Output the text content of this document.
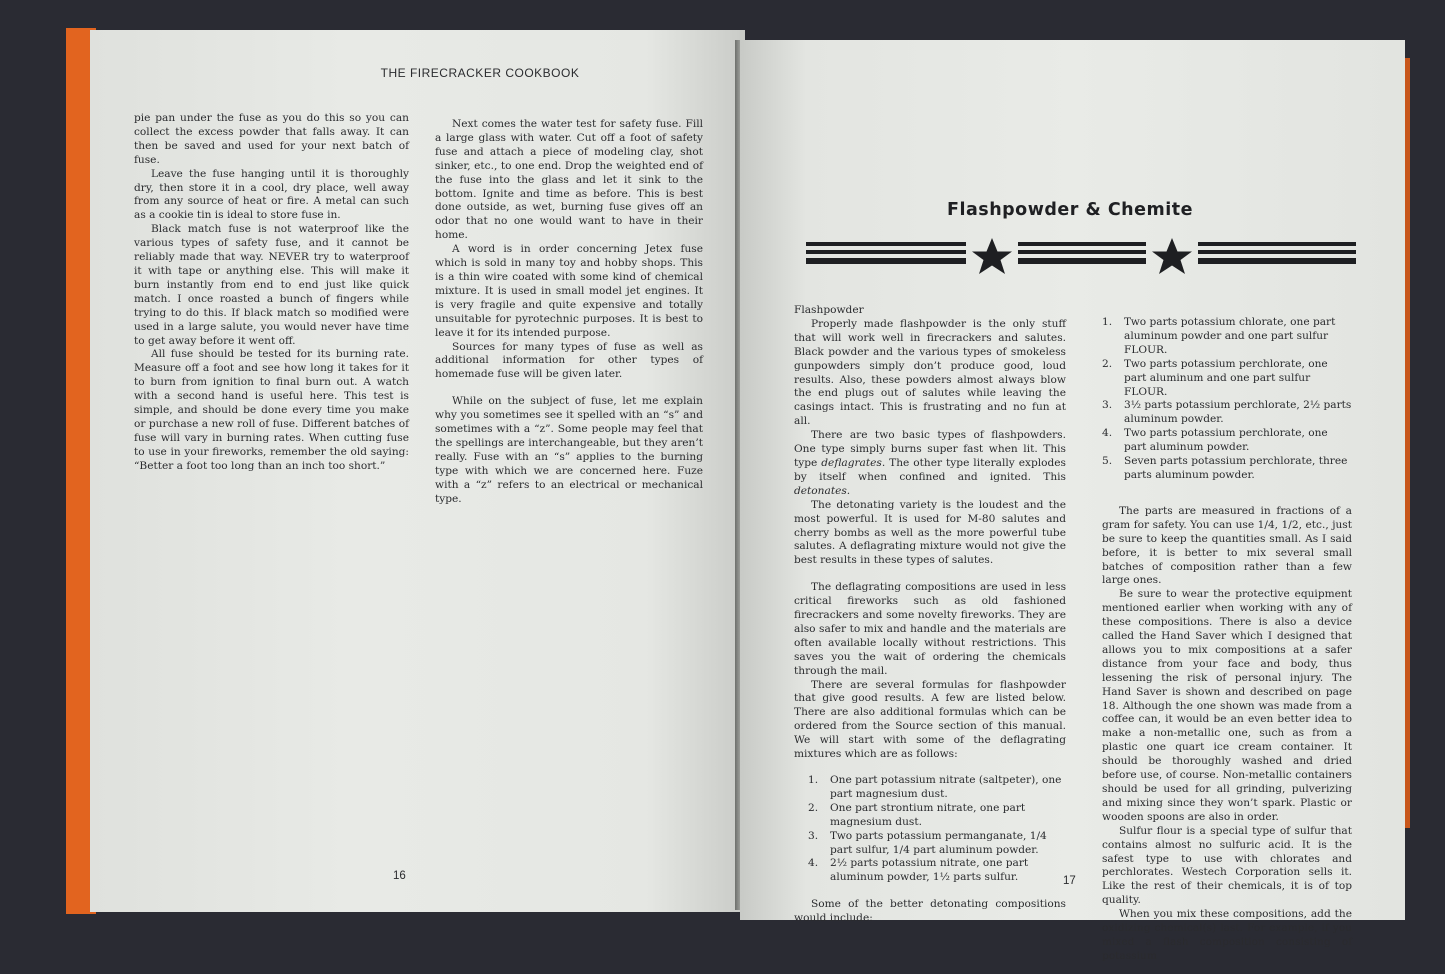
THE FIRECRACKER COOKBOOK

pie pan under the fuse as you do this so you can collect the excess powder that falls away. It can then be saved and used for your next batch of fuse.

Leave the fuse hanging until it is thoroughly dry, then store it in a cool, dry place, well away from any source of heat or fire. A metal can such as a cookie tin is ideal to store fuse in.

Black match fuse is not waterproof like the various types of safety fuse, and it cannot be reliably made that way. NEVER try to waterproof it with tape or anything else. This will make it burn instantly from end to end just like quick match. I once roasted a bunch of fingers while trying to do this. If black match so modified were used in a large salute, you would never have time to get away before it went off.

All fuse should be tested for its burning rate. Measure off a foot and see how long it takes for it to burn from ignition to final burn out. A watch with a second hand is useful here. This test is simple, and should be done every time you make or purchase a new roll of fuse. Different batches of fuse will vary in burning rates. When cutting fuse to use in your fireworks, remember the old saying: “Better a foot too long than an inch too short.”

Next comes the water test for safety fuse. Fill a large glass with water. Cut off a foot of safety fuse and attach a piece of modeling clay, shot sinker, etc., to one end. Drop the weighted end of the fuse into the glass and let it sink to the bottom. Ignite and time as before. This is best done outside, as wet, burning fuse gives off an odor that no one would want to have in their home.

A word is in order concerning Jetex fuse which is sold in many toy and hobby shops. This is a thin wire coated with some kind of chemical mixture. It is used in small model jet engines. It is very fragile and quite expensive and totally unsuitable for pyrotechnic purposes. It is best to leave it for its intended purpose.

Sources for many types of fuse as well as additional information for other types of homemade fuse will be given later.

While on the subject of fuse, let me explain why you sometimes see it spelled with an “s” and sometimes with a “z”. Some people may feel that the spellings are interchangeable, but they aren’t really. Fuse with an “s” applies to the burning type with which we are concerned here. Fuze with a “z” refers to an electrical or mechanical type.

16
Flashpowder & Chemite

Flashpowder

Properly made flashpowder is the only stuff that will work well in firecrackers and salutes. Black powder and the various types of smokeless gunpowders simply don’t produce good, loud results. Also, these powders almost always blow the end plugs out of salutes while leaving the casings intact. This is frustrating and no fun at all.

There are two basic types of flashpowders. One type simply burns super fast when lit. This type deflagrates. The other type literally explodes by itself when confined and ignited. This detonates.

The detonating variety is the loudest and the most powerful. It is used for M-80 salutes and cherry bombs as well as the more powerful tube salutes. A deflagrating mixture would not give the best results in these types of salutes.

The deflagrating compositions are used in less critical fireworks such as old fashioned firecrackers and some novelty fireworks. They are also safer to mix and handle and the materials are often available locally without restrictions. This saves you the wait of ordering the chemicals through the mail.

There are several formulas for flashpowder that give good results. A few are listed below. There are also additional formulas which can be ordered from the Source section of this manual. We will start with some of the deflagrating mixtures which are as follows:

1. One part potassium nitrate (saltpeter), one part magnesium dust.
2. One part strontium nitrate, one part magnesium dust.
3. Two parts potassium permanganate, 1/4 part sulfur, 1/4 part aluminum powder.
4. 2½ parts potassium nitrate, one part aluminum powder, 1½ parts sulfur.

Some of the better detonating compositions would include:

1. Two parts potassium chlorate, one part aluminum powder and one part sulfur FLOUR.
2. Two parts potassium perchlorate, one part aluminum and one part sulfur FLOUR.
3. 3½ parts potassium perchlorate, 2½ parts aluminum powder.
4. Two parts potassium perchlorate, one part aluminum powder.
5. Seven parts potassium perchlorate, three parts aluminum powder.

The parts are measured in fractions of a gram for safety. You can use 1/4, 1/2, etc., just be sure to keep the quantities small. As I said before, it is better to mix several small batches of composition rather than a few large ones.

Be sure to wear the protective equipment mentioned earlier when working with any of these compositions. There is also a device called the Hand Saver which I designed that allows you to mix compositions at a safer distance from your face and body, thus lessening the risk of personal injury. The Hand Saver is shown and described on page 18. Although the one shown was made from a coffee can, it would be an even better idea to make a non-metallic one, such as from a plastic one quart ice cream container. It should be thoroughly washed and dried before use, of course. Non-metallic containers should be used for all grinding, pulverizing and mixing since they won’t spark. Plastic or wooden spoons are also in order.

Sulfur flour is a special type of sulfur that contains almost no sulfuric acid. It is the safest type to use with chlorates and perchlorates. Westech Corporation sells it. Like the rest of their chemicals, it is of top quality.

When you mix these compositions, add the oxidizing chemical(s) last. For example, if you mixed a flash composition consisting of potassium

17
